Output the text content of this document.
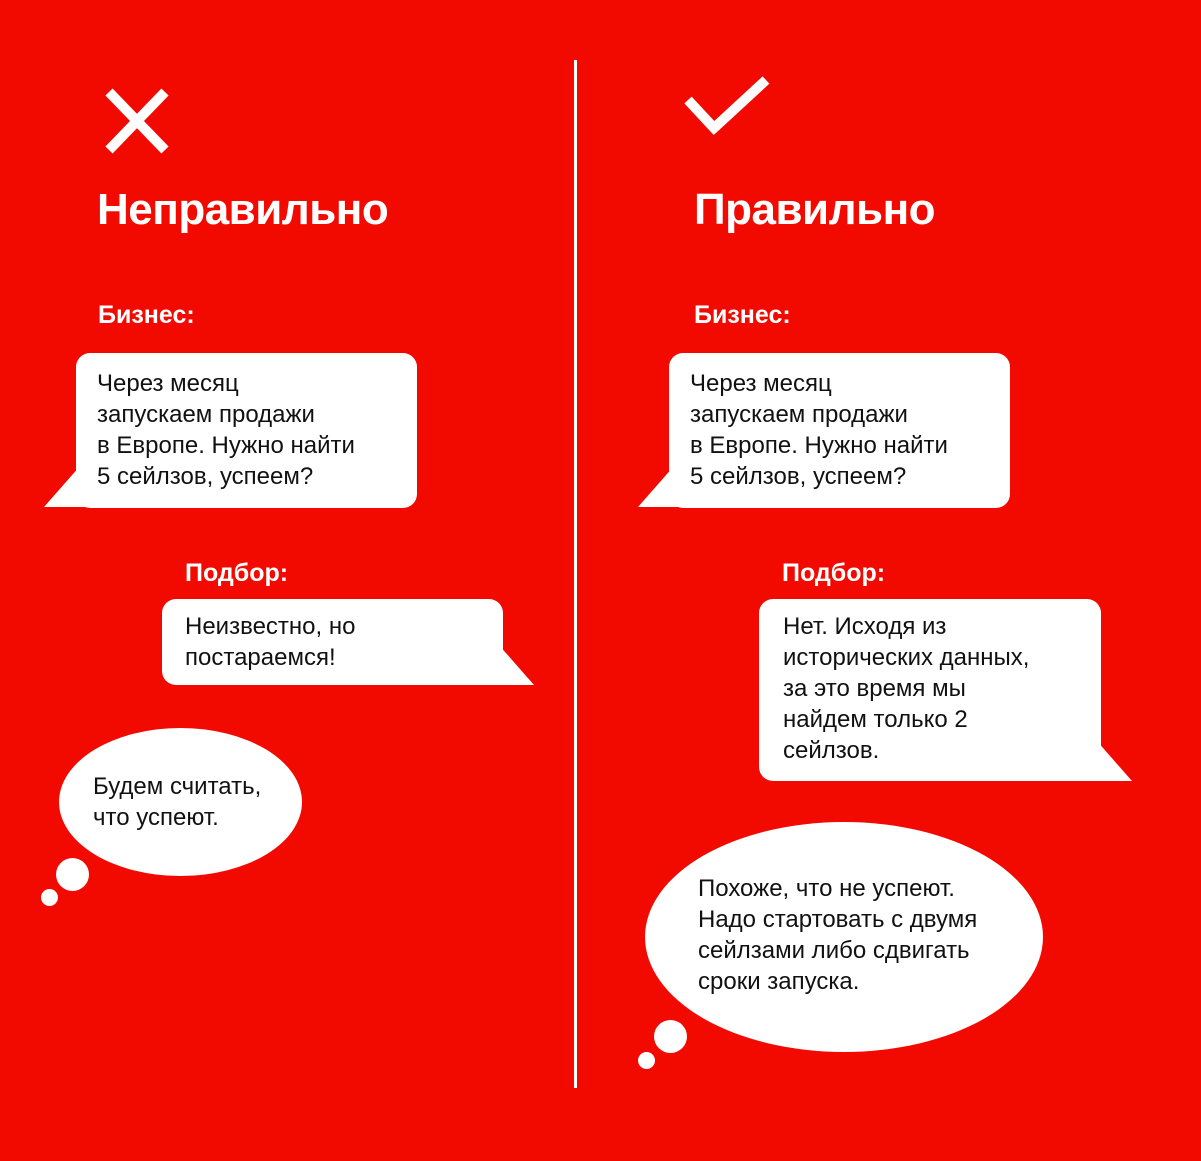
Неправильно
Бизнес:
Через месяц
запускаем продажи
в Европе. Нужно найти
5 сейлзов, успеем?
Подбор:
Неизвестно, но
постараемся!
Будем считать,
что успеют.
Правильно
Бизнес:
Через месяц
запускаем продажи
в Европе. Нужно найти
5 сейлзов, успеем?
Подбор:
Нет. Исходя из
исторических данных,
за это время мы
найдем только 2
сейлзов.
Похоже, что не успеют.
Надо стартовать с двумя
сейлзами либо сдвигать
сроки запуска.
